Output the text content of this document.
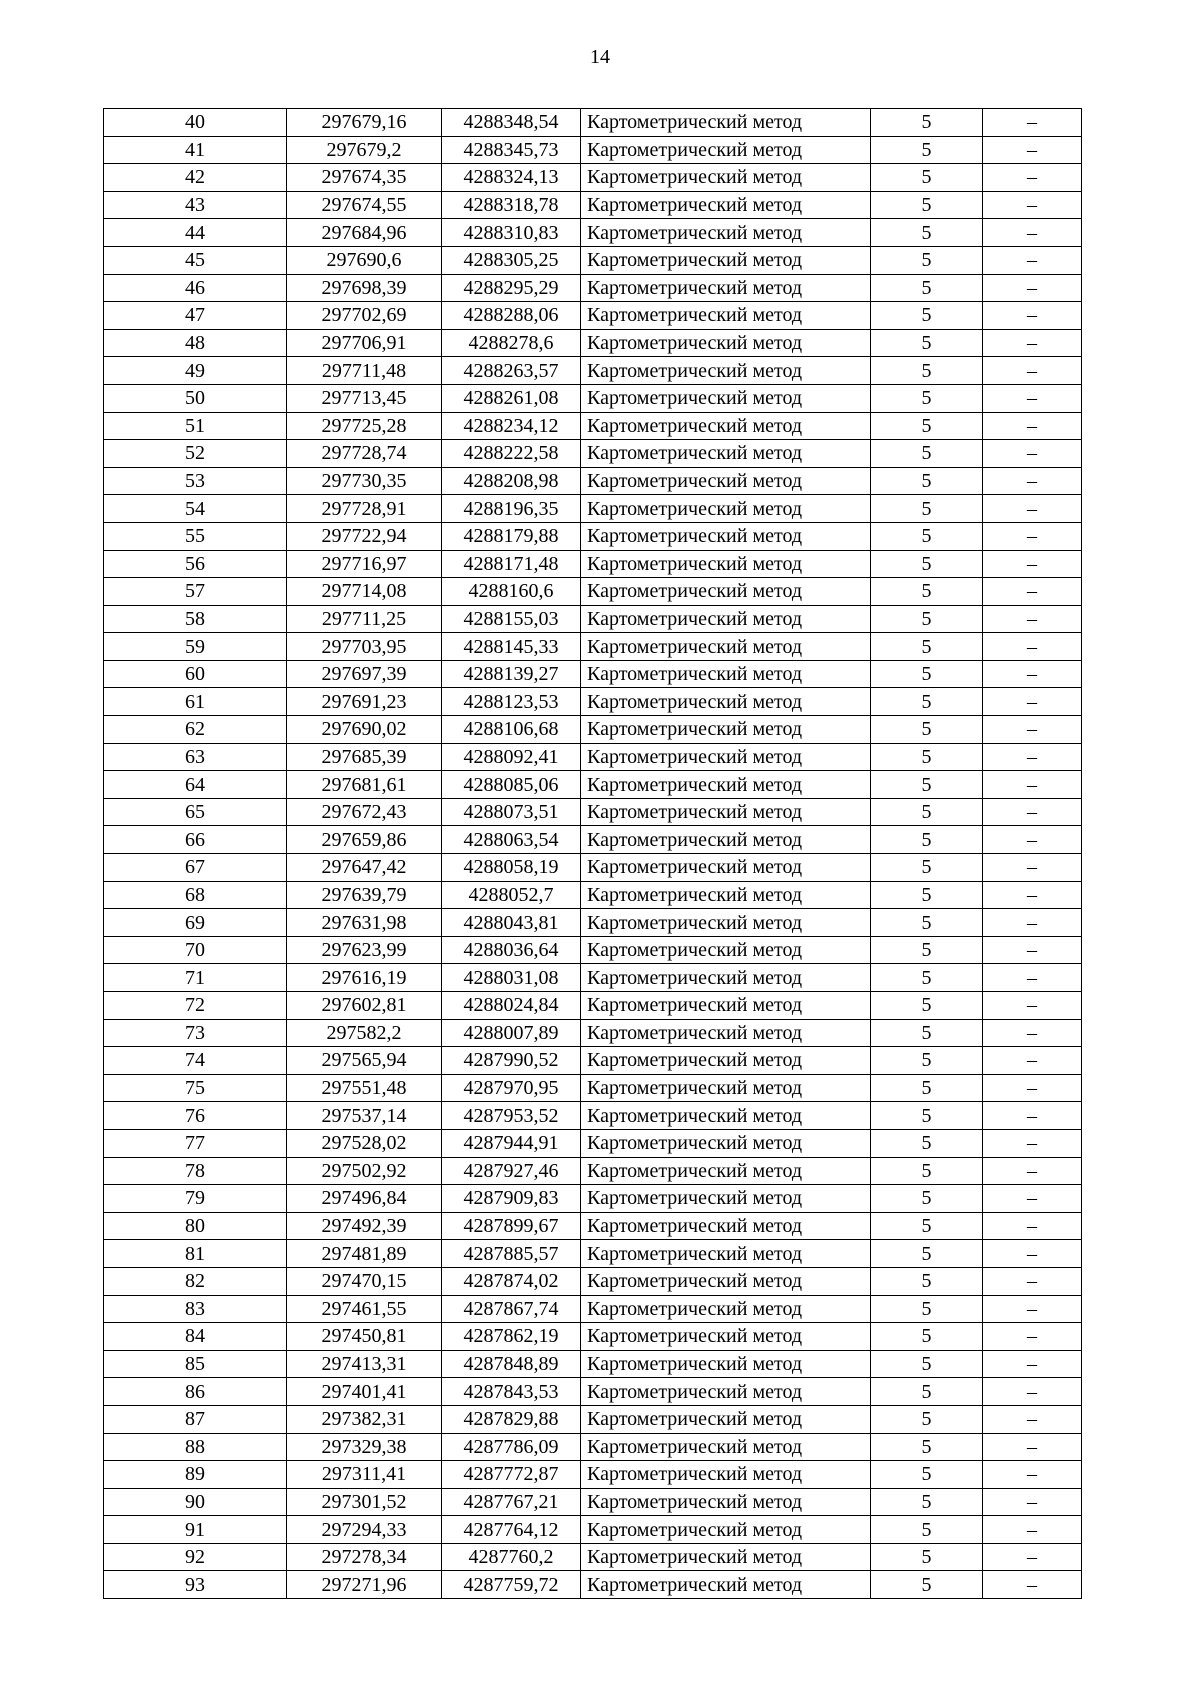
14
40	297679,16	4288348,54	Картометрический метод	5	–
41	297679,2	4288345,73	Картометрический метод	5	–
42	297674,35	4288324,13	Картометрический метод	5	–
43	297674,55	4288318,78	Картометрический метод	5	–
44	297684,96	4288310,83	Картометрический метод	5	–
45	297690,6	4288305,25	Картометрический метод	5	–
46	297698,39	4288295,29	Картометрический метод	5	–
47	297702,69	4288288,06	Картометрический метод	5	–
48	297706,91	4288278,6	Картометрический метод	5	–
49	297711,48	4288263,57	Картометрический метод	5	–
50	297713,45	4288261,08	Картометрический метод	5	–
51	297725,28	4288234,12	Картометрический метод	5	–
52	297728,74	4288222,58	Картометрический метод	5	–
53	297730,35	4288208,98	Картометрический метод	5	–
54	297728,91	4288196,35	Картометрический метод	5	–
55	297722,94	4288179,88	Картометрический метод	5	–
56	297716,97	4288171,48	Картометрический метод	5	–
57	297714,08	4288160,6	Картометрический метод	5	–
58	297711,25	4288155,03	Картометрический метод	5	–
59	297703,95	4288145,33	Картометрический метод	5	–
60	297697,39	4288139,27	Картометрический метод	5	–
61	297691,23	4288123,53	Картометрический метод	5	–
62	297690,02	4288106,68	Картометрический метод	5	–
63	297685,39	4288092,41	Картометрический метод	5	–
64	297681,61	4288085,06	Картометрический метод	5	–
65	297672,43	4288073,51	Картометрический метод	5	–
66	297659,86	4288063,54	Картометрический метод	5	–
67	297647,42	4288058,19	Картометрический метод	5	–
68	297639,79	4288052,7	Картометрический метод	5	–
69	297631,98	4288043,81	Картометрический метод	5	–
70	297623,99	4288036,64	Картометрический метод	5	–
71	297616,19	4288031,08	Картометрический метод	5	–
72	297602,81	4288024,84	Картометрический метод	5	–
73	297582,2	4288007,89	Картометрический метод	5	–
74	297565,94	4287990,52	Картометрический метод	5	–
75	297551,48	4287970,95	Картометрический метод	5	–
76	297537,14	4287953,52	Картометрический метод	5	–
77	297528,02	4287944,91	Картометрический метод	5	–
78	297502,92	4287927,46	Картометрический метод	5	–
79	297496,84	4287909,83	Картометрический метод	5	–
80	297492,39	4287899,67	Картометрический метод	5	–
81	297481,89	4287885,57	Картометрический метод	5	–
82	297470,15	4287874,02	Картометрический метод	5	–
83	297461,55	4287867,74	Картометрический метод	5	–
84	297450,81	4287862,19	Картометрический метод	5	–
85	297413,31	4287848,89	Картометрический метод	5	–
86	297401,41	4287843,53	Картометрический метод	5	–
87	297382,31	4287829,88	Картометрический метод	5	–
88	297329,38	4287786,09	Картометрический метод	5	–
89	297311,41	4287772,87	Картометрический метод	5	–
90	297301,52	4287767,21	Картометрический метод	5	–
91	297294,33	4287764,12	Картометрический метод	5	–
92	297278,34	4287760,2	Картометрический метод	5	–
93	297271,96	4287759,72	Картометрический метод	5	–
